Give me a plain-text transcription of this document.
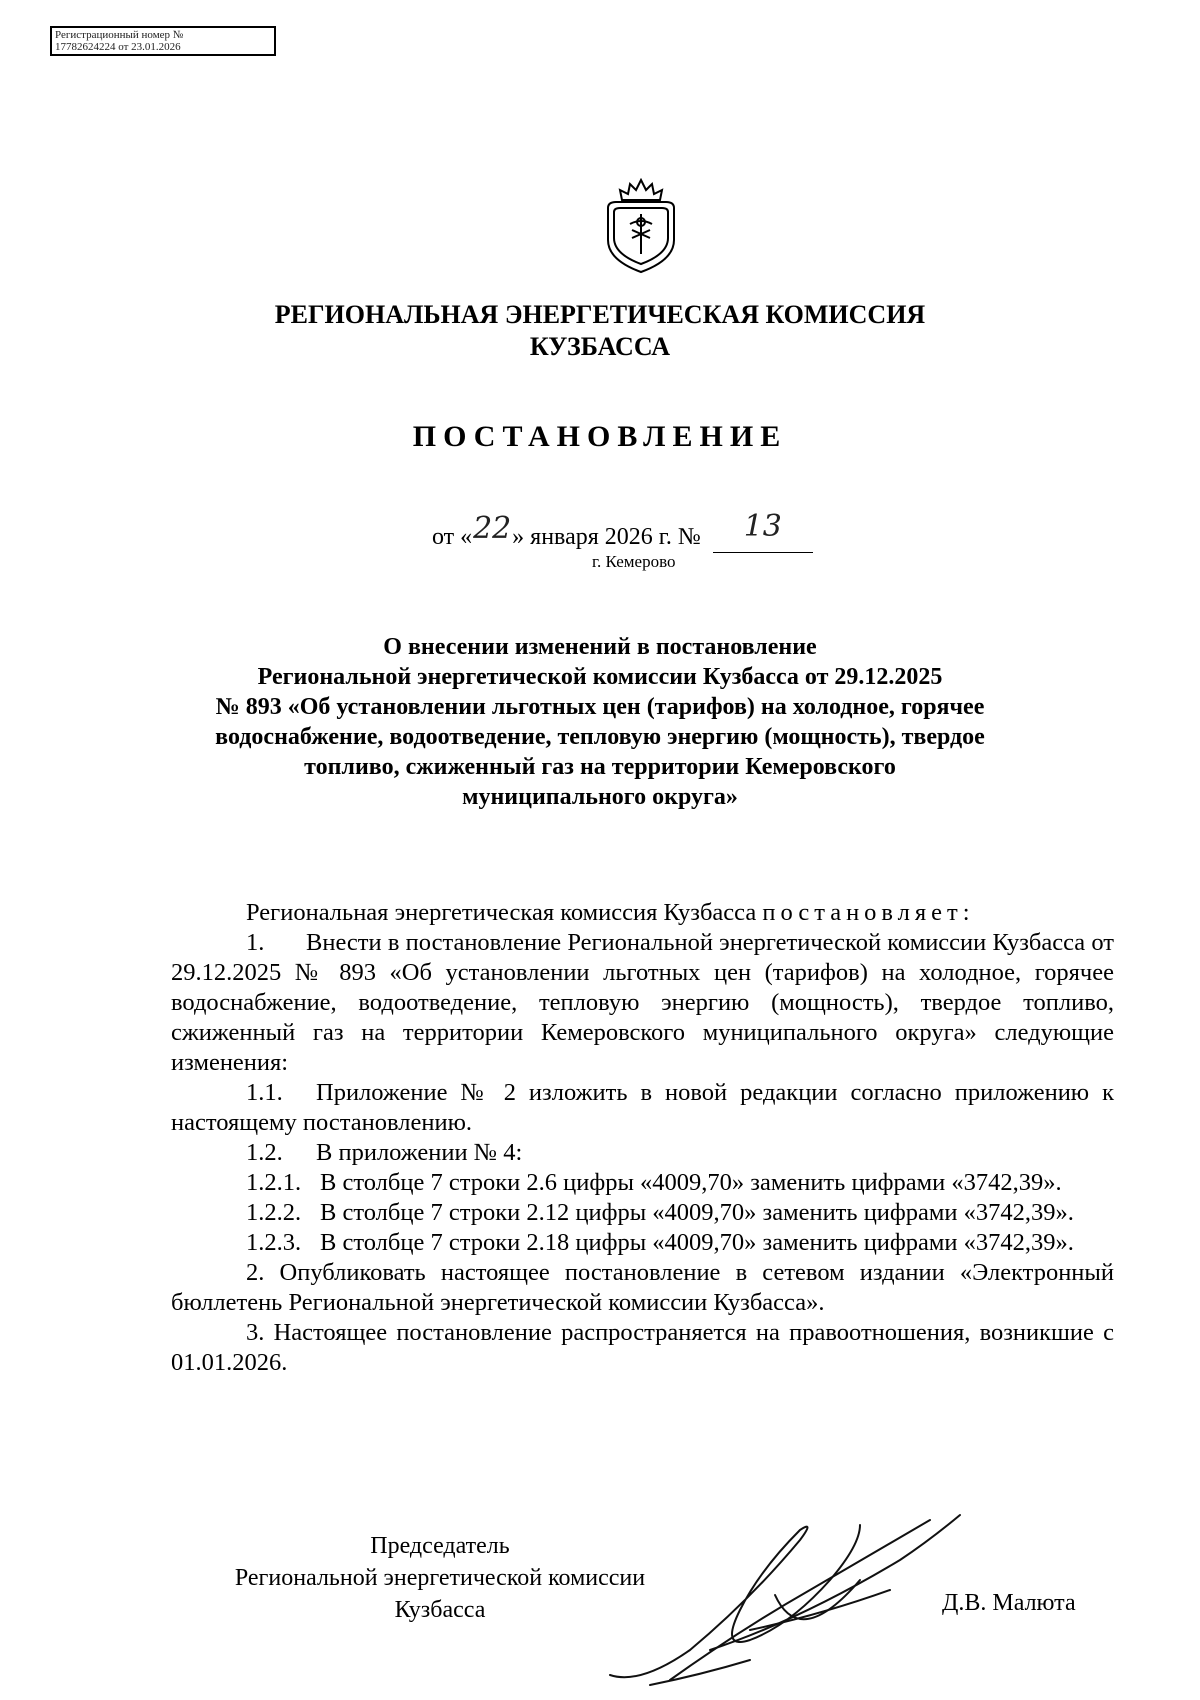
Регистрационный номер №
17782624224 от 23.01.2026
РЕГИОНАЛЬНАЯ ЭНЕРГЕТИЧЕСКАЯ КОМИССИЯ
КУЗБАССА
ПОСТАНОВЛЕНИЕ
от «22» января 2026 г. № 13
г. Кемерово
О внесении изменений в постановление
Региональной энергетической комиссии Кузбасса от 29.12.2025
№ 893 «Об установлении льготных цен (тарифов) на холодное, горячее
водоснабжение, водоотведение, тепловую энергию (мощность), твердое
топливо, сжиженный газ на территории Кемеровского
муниципального округа»

Региональная энергетическая комиссия Кузбасса постановляет:

1. Внести в постановление Региональной энергетической комиссии Кузбасса от 29.12.2025 № 893 «Об установлении льготных цен (тарифов) на холодное, горячее водоснабжение, водоотведение, тепловую энергию (мощность), твердое топливо, сжиженный газ на территории Кемеровского муниципального округа» следующие изменения:

1.1. Приложение № 2 изложить в новой редакции согласно приложению к настоящему постановлению.

1.2. В приложении № 4:

1.2.1. В столбце 7 строки 2.6 цифры «4009,70» заменить цифрами «3742,39».

1.2.2. В столбце 7 строки 2.12 цифры «4009,70» заменить цифрами «3742,39».

1.2.3. В столбце 7 строки 2.18 цифры «4009,70» заменить цифрами «3742,39».

2. Опубликовать настоящее постановление в сетевом издании «Электронный бюллетень Региональной энергетической комиссии Кузбасса».

3. Настоящее постановление распространяется на правоотношения, возникшие с 01.01.2026.

Председатель
Региональной энергетической комиссии
Кузбасса	Д.В. Малюта
